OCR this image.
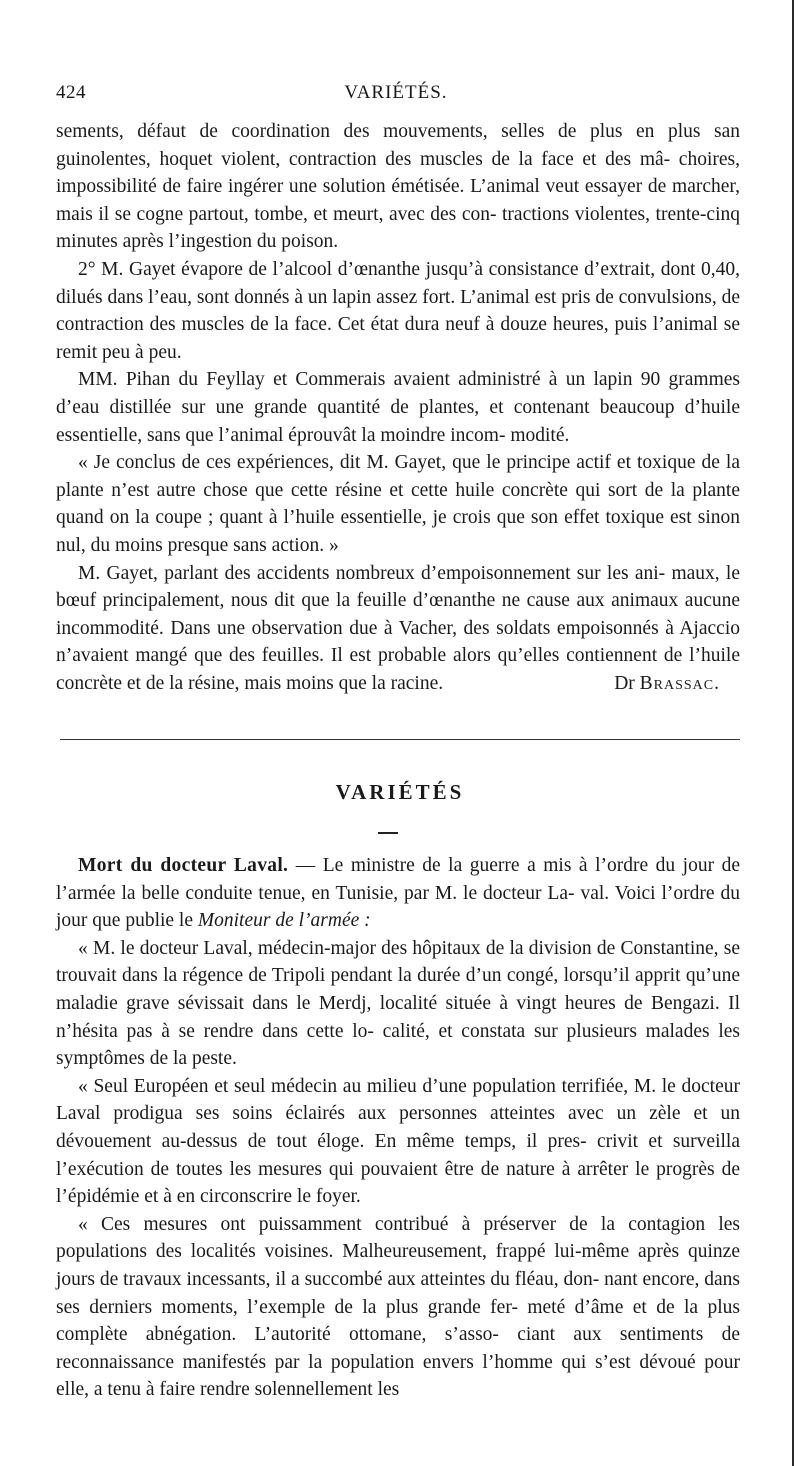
424	VARIÉTÉS.

sements, défaut de coordination des mouvements, selles de plus en plus san guinolentes, hoquet violent, contraction des muscles de la face et des mâ- choires, impossibilité de faire ingérer une solution émétisée. L’animal veut essayer de marcher, mais il se cogne partout, tombe, et meurt, avec des con- tractions violentes, trente-cinq minutes après l’ingestion du poison.

2° M. Gayet évapore de l’alcool d’œnanthe jusqu’à consistance d’extrait, dont 0,40, dilués dans l’eau, sont donnés à un lapin assez fort. L’animal est pris de convulsions, de contraction des muscles de la face. Cet état dura neuf à douze heures, puis l’animal se remit peu à peu.

MM. Pihan du Feyllay et Commerais avaient administré à un lapin 90 grammes d’eau distillée sur une grande quantité de plantes, et contenant beaucoup d’huile essentielle, sans que l’animal éprouvât la moindre incom- modité.

« Je conclus de ces expériences, dit M. Gayet, que le principe actif et toxique de la plante n’est autre chose que cette résine et cette huile concrète qui sort de la plante quand on la coupe ; quant à l’huile essentielle, je crois que son effet toxique est sinon nul, du moins presque sans action. »

M. Gayet, parlant des accidents nombreux d’empoisonnement sur les ani- maux, le bœuf principalement, nous dit que la feuille d’œnanthe ne cause aux animaux aucune incommodité. Dans une observation due à Vacher, des soldats empoisonnés à Ajaccio n’avaient mangé que des feuilles. Il est probable alors qu’elles contiennent de l’huile concrète et de la résine, mais moins que la racine.	Dr Brassac.
VARIÉTÉS

Mort du docteur Laval. — Le ministre de la guerre a mis à l’ordre du jour de l’armée la belle conduite tenue, en Tunisie, par M. le docteur La- val. Voici l’ordre du jour que publie le Moniteur de l’armée :

« M. le docteur Laval, médecin-major des hôpitaux de la division de Constantine, se trouvait dans la régence de Tripoli pendant la durée d’un congé, lorsqu’il apprit qu’une maladie grave sévissait dans le Merdj, localité située à vingt heures de Bengazi. Il n’hésita pas à se rendre dans cette lo- calité, et constata sur plusieurs malades les symptômes de la peste.

« Seul Européen et seul médecin au milieu d’une population terrifiée, M. le docteur Laval prodigua ses soins éclairés aux personnes atteintes avec un zèle et un dévouement au-dessus de tout éloge. En même temps, il pres- crivit et surveilla l’exécution de toutes les mesures qui pouvaient être de nature à arrêter le progrès de l’épidémie et à en circonscrire le foyer.

« Ces mesures ont puissamment contribué à préserver de la contagion les populations des localités voisines. Malheureusement, frappé lui-même après quinze jours de travaux incessants, il a succombé aux atteintes du fléau, don- nant encore, dans ses derniers moments, l’exemple de la plus grande fer- meté d’âme et de la plus complète abnégation. L’autorité ottomane, s’asso- ciant aux sentiments de reconnaissance manifestés par la population envers l’homme qui s’est dévoué pour elle, a tenu à faire rendre solennellement les
